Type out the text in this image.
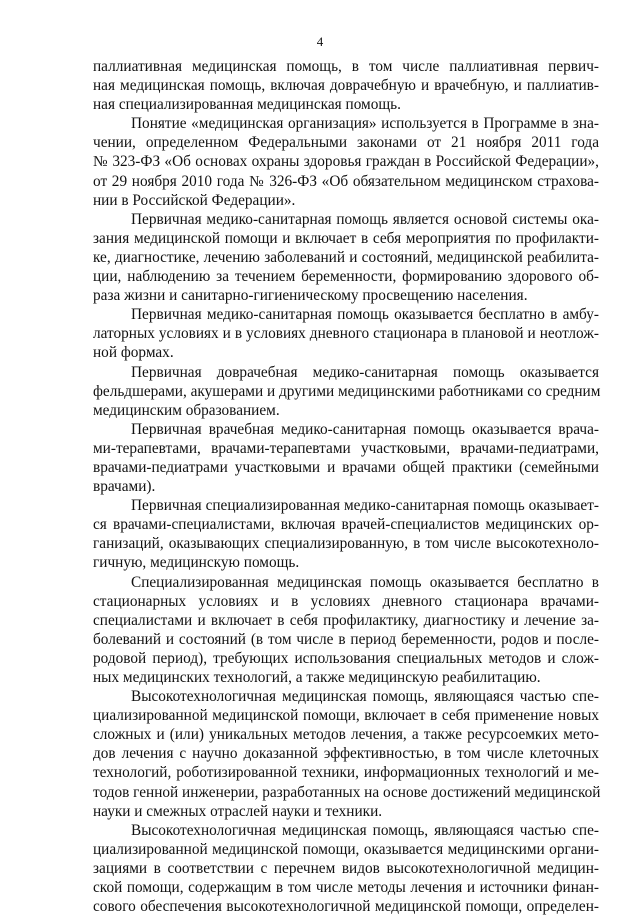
4
паллиативная медицинская помощь, в том числе паллиативная первич-
ная медицинская помощь, включая доврачебную и врачебную, и паллиатив-
ная специализированная медицинская помощь.
Понятие «медицинская организация» используется в Программе в зна-
чении, определенном Федеральными законами от 21 ноября 2011 года
№ 323-ФЗ «Об основах охраны здоровья граждан в Российской Федерации»,
от 29 ноября 2010 года № 326-ФЗ «Об обязательном медицинском страхова-
нии в Российской Федерации».
Первичная медико-санитарная помощь является основой системы ока-
зания медицинской помощи и включает в себя мероприятия по профилакти-
ке, диагностике, лечению заболеваний и состояний, медицинской реабилита-
ции, наблюдению за течением беременности, формированию здорового об-
раза жизни и санитарно-гигиеническому просвещению населения.
Первичная медико-санитарная помощь оказывается бесплатно в амбу-
латорных условиях и в условиях дневного стационара в плановой и неотлож-
ной формах.
Первичная доврачебная медико-санитарная помощь оказывается
фельдшерами, акушерами и другими медицинскими работниками со средним
медицинским образованием.
Первичная врачебная медико-санитарная помощь оказывается врача-
ми-терапевтами, врачами-терапевтами участковыми, врачами-педиатрами,
врачами-педиатрами участковыми и врачами общей практики (семейными
врачами).
Первичная специализированная медико-санитарная помощь оказывает-
ся врачами-специалистами, включая врачей-специалистов медицинских ор-
ганизаций, оказывающих специализированную, в том числе высокотехноло-
гичную, медицинскую помощь.
Специализированная медицинская помощь оказывается бесплатно в
стационарных условиях и в условиях дневного стационара врачами-
специалистами и включает в себя профилактику, диагностику и лечение за-
болеваний и состояний (в том числе в период беременности, родов и после-
родовой период), требующих использования специальных методов и слож-
ных медицинских технологий, а также медицинскую реабилитацию.
Высокотехнологичная медицинская помощь, являющаяся частью спе-
циализированной медицинской помощи, включает в себя применение новых
сложных и (или) уникальных методов лечения, а также ресурсоемких мето-
дов лечения с научно доказанной эффективностью, в том числе клеточных
технологий, роботизированной техники, информационных технологий и ме-
тодов генной инженерии, разработанных на основе достижений медицинской
науки и смежных отраслей науки и техники.
Высокотехнологичная медицинская помощь, являющаяся частью спе-
циализированной медицинской помощи, оказывается медицинскими органи-
зациями в соответствии с перечнем видов высокотехнологичной медицин-
ской помощи, содержащим в том числе методы лечения и источники финан-
сового обеспечения высокотехнологичной медицинской помощи, определен-
